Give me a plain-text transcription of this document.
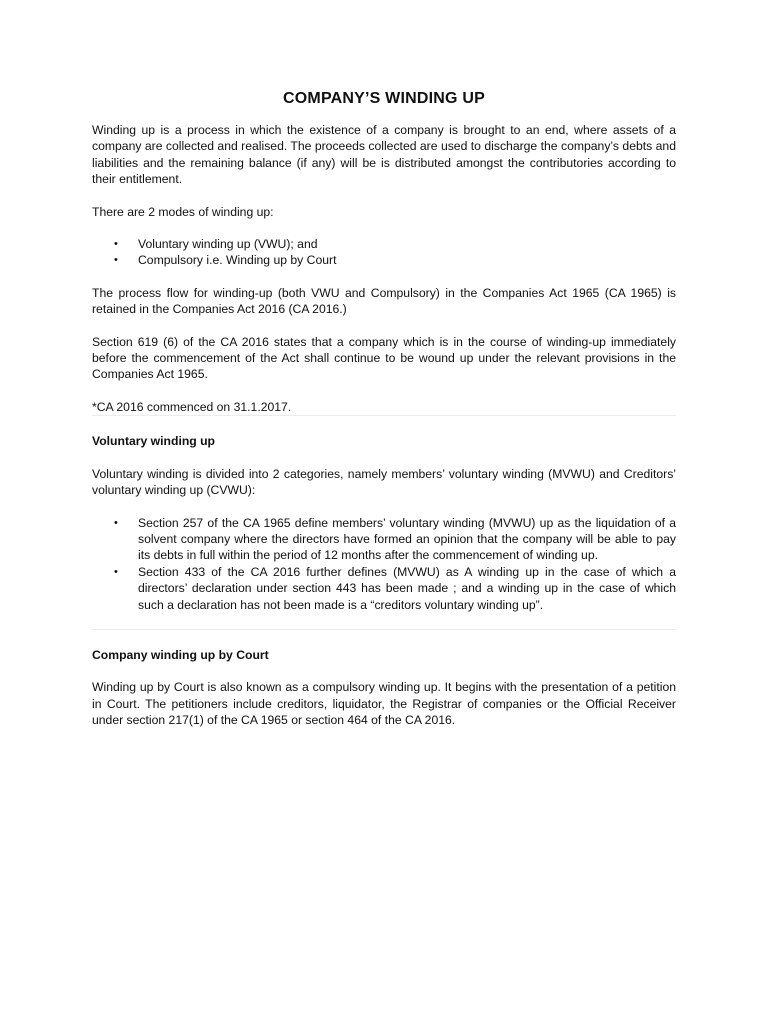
COMPANY’S WINDING UP

Winding up is a process in which the existence of a company is brought to an end, where assets of a company are collected and realised. The proceeds collected are used to discharge the company’s debts and liabilities and the remaining balance (if any) will be is distributed amongst the contributories according to their entitlement.

There are 2 modes of winding up:

• Voluntary winding up (VWU); and
• Compulsory i.e. Winding up by Court

The process flow for winding-up (both VWU and Compulsory) in the Companies Act 1965 (CA 1965) is retained in the Companies Act 2016 (CA 2016.)

Section 619 (6) of the CA 2016 states that a company which is in the course of winding-up immediately before the commencement of the Act shall continue to be wound up under the relevant provisions in the Companies Act 1965.

*CA 2016 commenced on 31.1.2017.

Voluntary winding up

Voluntary winding is divided into 2 categories, namely members’ voluntary winding (MVWU) and Creditors’ voluntary winding up (CVWU):

• Section 257 of the CA 1965 define members’ voluntary winding (MVWU) up as the liquidation of a solvent company where the directors have formed an opinion that the company will be able to pay its debts in full within the period of 12 months after the commencement of winding up.
• Section 433 of the CA 2016 further defines (MVWU) as A winding up in the case of which a directors’ declaration under section 443 has been made ; and a winding up in the case of which such a declaration has not been made is a “creditors voluntary winding up”.
Company winding up by Court

Winding up by Court is also known as a compulsory winding up. It begins with the presentation of a petition in Court. The petitioners include creditors, liquidator, the Registrar of companies or the Official Receiver under section 217(1) of the CA 1965 or section 464 of the CA 2016.
